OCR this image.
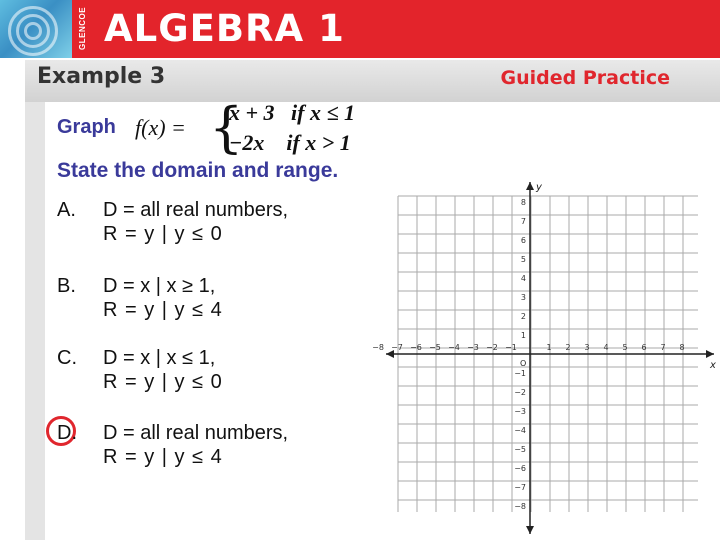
GLENCOE ALGEBRA 1
Example 3	Guided Practice
Graph f(x) = {
x + 3   if x ≤ 1
−2x    if x > 1
State the domain and range.
A. D = all real numbers,
R = y | y ≤ 0
B. D = x | x ≥ 1,
R = y | y ≤ 4
C. D = x | x ≤ 1,
R = y | y ≤ 0
D. D = all real numbers,
R = y | y ≤ 4
−8 −7 −6 −5 −4 −3 −2 −1	1 2 3 4 5 6 7 8
8
7
6
5
4
3
2
1
−1
−2
−3
−4
−5
−6
−7
−8
x
y
O
